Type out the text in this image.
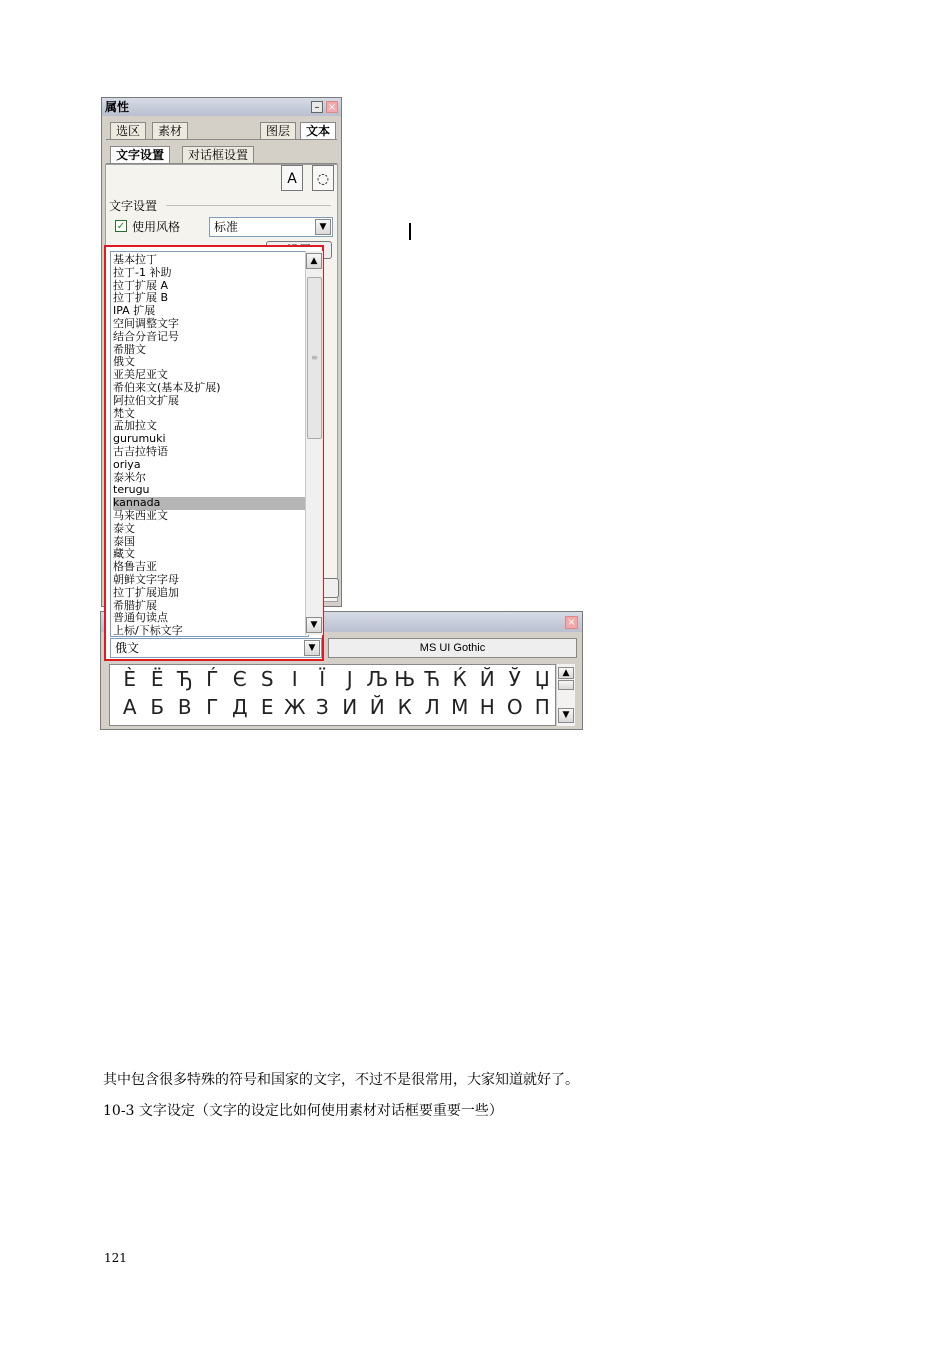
属性	– ×
选区	素材	图层	文本
文字设置	对话框设置
A	◌
文字设置
✓ 使用风格	标准	▼
×
MS UI Gothic
È Ë Ђ Ѓ Є Ѕ І Ї Ј Љ Њ Ћ Ќ Й Ў Џ
А Б В Г Д Е Ж З И Й К Л М Н О П
▲
▼
基本拉丁
拉丁-1 补助
拉丁扩展 A
拉丁扩展 B
IPA 扩展
空间调整文字
结合分音记号
希腊文
俄文
亚美尼亚文
希伯来文(基本及扩展)
阿拉伯文扩展
梵文
孟加拉文
gurumuki
古吉拉特语
oriya
泰米尔
terugu
kannada
马来西亚文
泰文
泰国
藏文
格鲁吉亚
朝鲜文字字母
拉丁扩展追加
希腊扩展
普通句读点
上标/下标文字
▲
≡
▼
俄文	▼
其中包含很多特殊的符号和国家的文字，不过不是很常用，大家知道就好了。
10-3 文字设定（文字的设定比如何使用素材对话框要重要一些）
121
